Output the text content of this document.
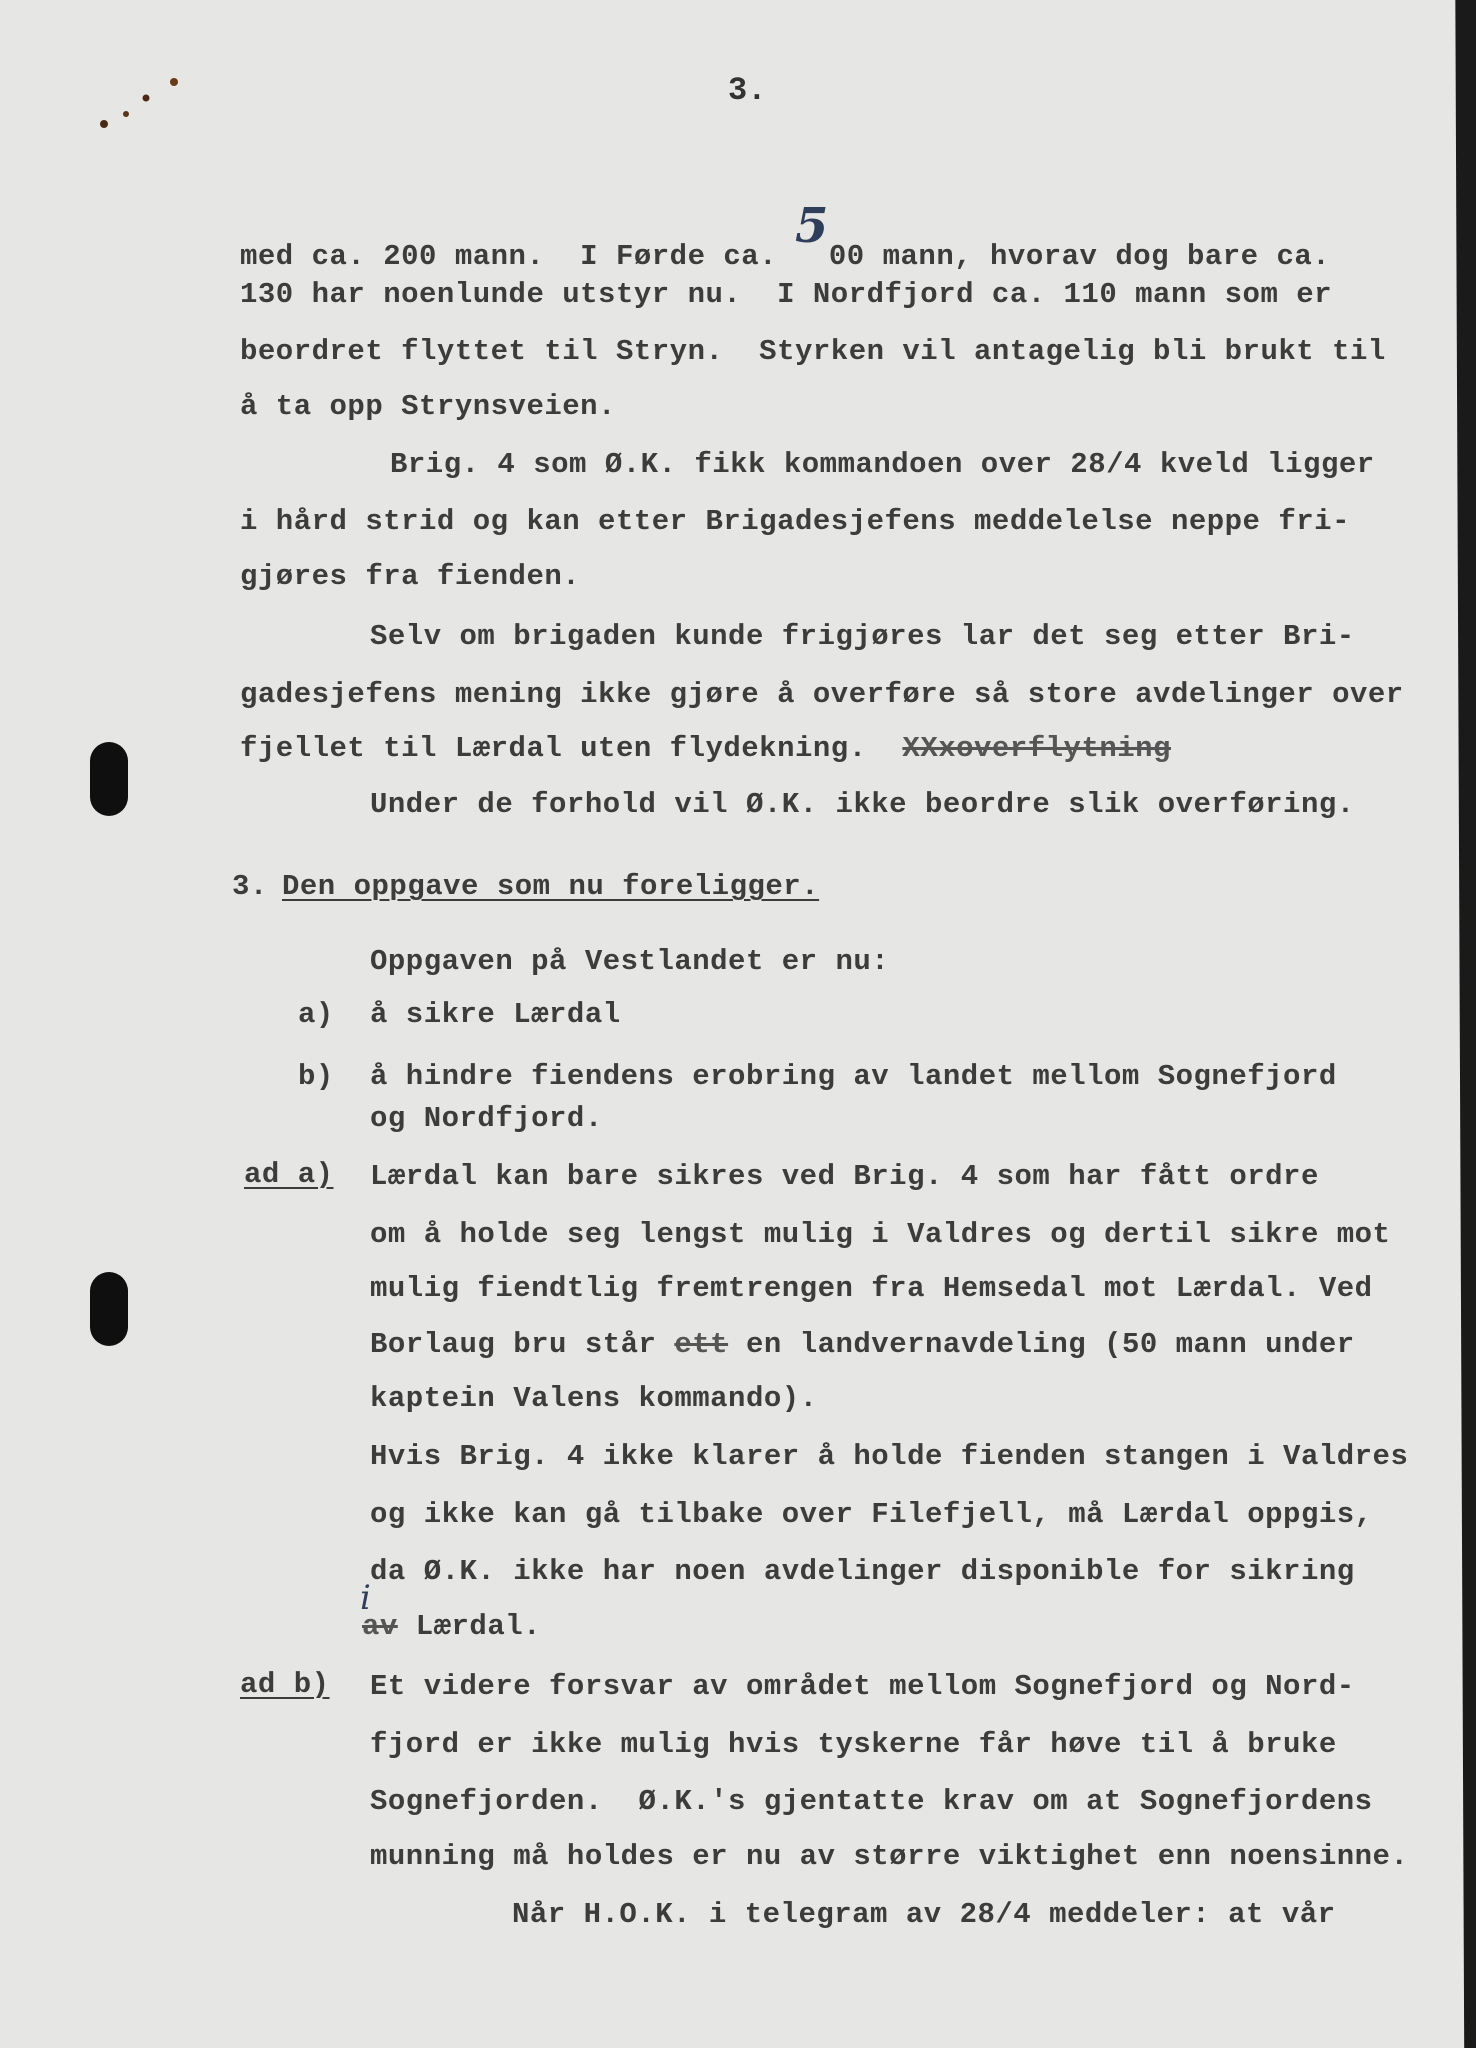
3.
med ca. 200 mann.  I Førde ca. 500 mann, hvorav dog bare ca.
130 har noenlunde utstyr nu.  I Nordfjord ca. 110 mann som er
beordret flyttet til Stryn.  Styrken vil antagelig bli brukt til
å ta opp Strynsveien.
Brig. 4 som Ø.K. fikk kommandoen over 28/4 kveld ligger
i hård strid og kan etter Brigadesjefens meddelelse neppe fri-
gjøres fra fienden.
Selv om brigaden kunde frigjøres lar det seg etter Bri-
gadesjefens mening ikke gjøre å overføre så store avdelinger over
fjellet til Lærdal uten flydekning. XXxoverflytning
Under de forhold vil Ø.K. ikke beordre slik overføring.
3. Den oppgave som nu foreligger.
Oppgaven på Vestlandet er nu:
a) å sikre Lærdal
b) å hindre fiendens erobring av landet mellom Sognefjord
og Nordfjord.
ad a) Lærdal kan bare sikres ved Brig. 4 som har fått ordre
om å holde seg lengst mulig i Valdres og dertil sikre mot
mulig fiendtlig fremtrengen fra Hemsedal mot Lærdal. Ved
Borlaug bru står ett en landvernavdeling (50 mann under
kaptein Valens kommando).
Hvis Brig. 4 ikke klarer å holde fienden stangen i Valdres
og ikke kan gå tilbake over Filefjell, må Lærdal oppgis,
da Ø.K. ikke har noen avdelinger disponible for sikring
i
av Lærdal.
ad b) Et videre forsvar av området mellom Sognefjord og Nord-
fjord er ikke mulig hvis tyskerne får høve til å bruke
Sognefjorden.  Ø.K.'s gjentatte krav om at Sognefjordens
munning må holdes er nu av større viktighet enn noensinne.
Når H.O.K. i telegram av 28/4 meddeler: at vår
